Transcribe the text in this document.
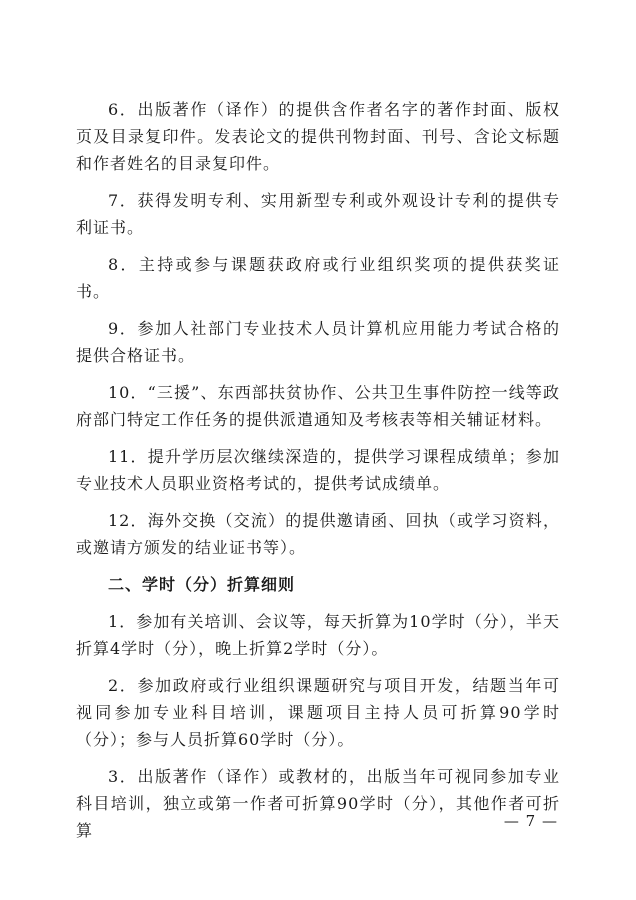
6．出版著作（译作）的提供含作者名字的著作封面、版权页及目录复印件。发表论文的提供刊物封面、刊号、含论文标题和作者姓名的目录复印件。

7．获得发明专利、实用新型专利或外观设计专利的提供专利证书。

8．主持或参与课题获政府或行业组织奖项的提供获奖证书。

9．参加人社部门专业技术人员计算机应用能力考试合格的提供合格证书。

10．“三援”、东西部扶贫协作、公共卫生事件防控一线等政府部门特定工作任务的提供派遣通知及考核表等相关辅证材料。

11．提升学历层次继续深造的，提供学习课程成绩单；参加专业技术人员职业资格考试的，提供考试成绩单。

12．海外交换（交流）的提供邀请函、回执（或学习资料，或邀请方颁发的结业证书等）。

二、学时（分）折算细则

1．参加有关培训、会议等，每天折算为10学时（分），半天折算4学时（分），晚上折算2学时（分）。

2．参加政府或行业组织课题研究与项目开发，结题当年可视同参加专业科目培训，课题项目主持人员可折算90学时（分）；参与人员折算60学时（分）。

3．出版著作（译作）或教材的，出版当年可视同参加专业科目培训，独立或第一作者可折算90学时（分），其他作者可折算	— 7 —
